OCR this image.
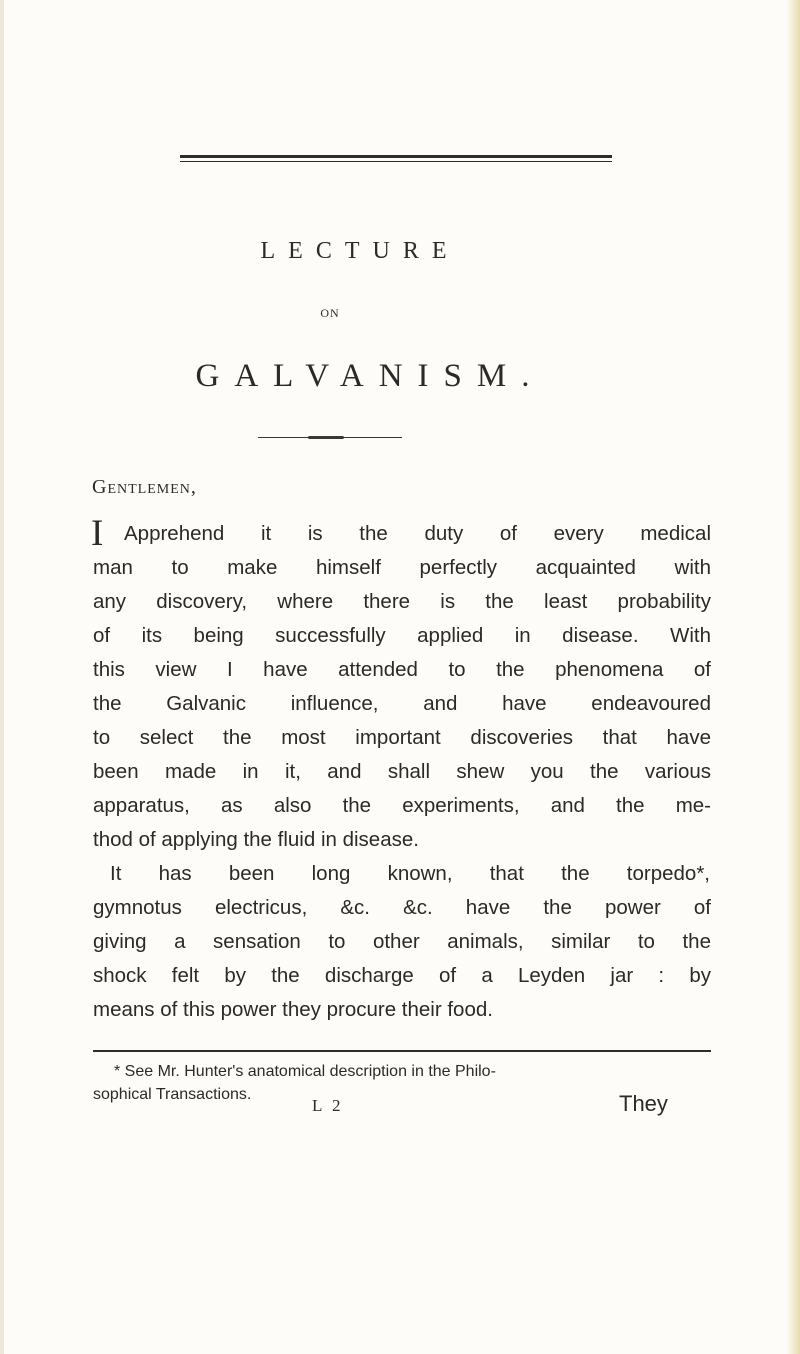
LECTURE
ON
GALVANISM.
Gentlemen,
I Apprehend it is the duty of every medical
man to make himself perfectly acquainted with
any discovery, where there is the least probability
of its being successfully applied in disease. With
this view I have attended to the phenomena of
the Galvanic influence, and have endeavoured
to select the most important discoveries that have
been made in it, and shall shew you the various
apparatus, as also the experiments, and the me-
thod of applying the fluid in disease.
It has been long known, that the torpedo*,
gymnotus electricus, &c. &c. have the power of
giving a sensation to other animals, similar to the
shock felt by the discharge of a Leyden jar : by
means of this power they procure their food.
* See Mr. Hunter's anatomical description in the Philo-
sophical Transactions.
L 2	They
